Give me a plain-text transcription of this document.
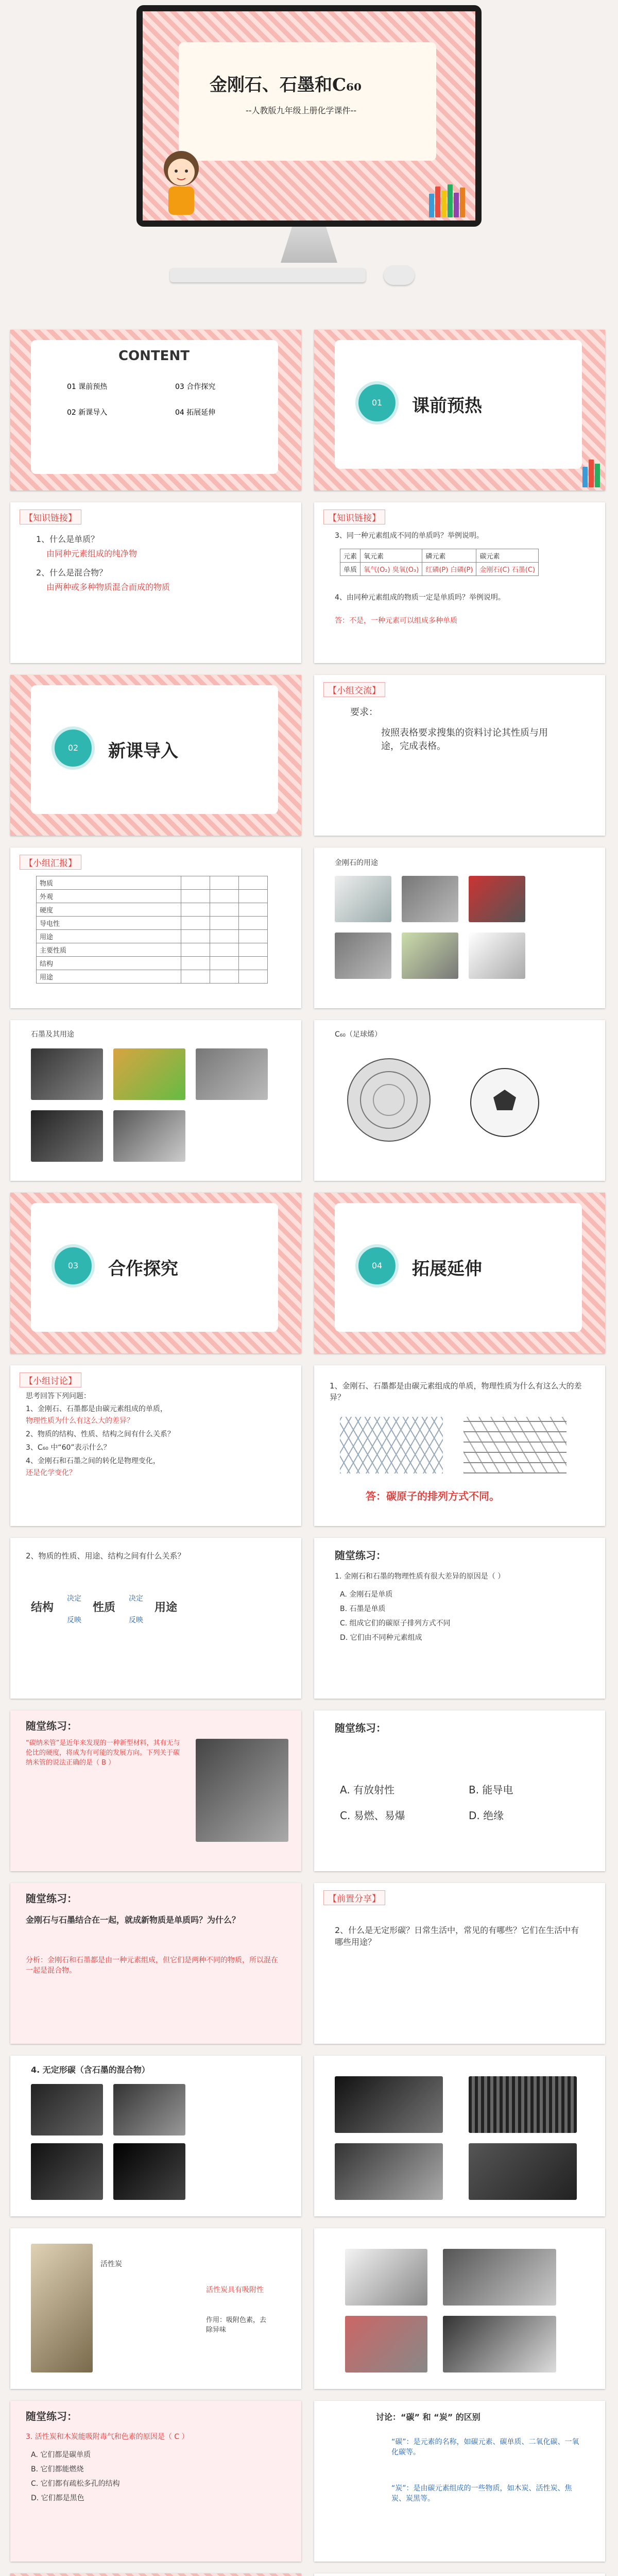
金刚石、石墨和C₆₀
--人教版九年级上册化学课件--
CONTENT
01 课前预热
02 新课导入
03 合作探究
04 拓展延伸
01	课前预热
【知识链接】
1、什么是单质？
由同种元素组成的纯净物
2、什么是混合物？
由两种或多种物质混合而成的物质
【知识链接】
3、同一种元素组成不同的单质吗？举例说明。
元素	氧元素	磷元素	碳元素
单质	氧气(O₂) 臭氧(O₃)	红磷(P) 白磷(P)	金刚石(C) 石墨(C)
4、由同种元素组成的物质一定是单质吗？举例说明。
答：不是，一种元素可以组成多种单质
02	新课导入
【小组交流】
要求：
按照表格要求搜集的资料讨论其性质与用途，完成表格。
【小组汇报】
物质			
外观			
硬度			
导电性			
用途			
主要性质			
结构			
用途			
金刚石的用途
石墨及其用途	C₆₀（足球烯）
03	合作探究	04	拓展延伸
【小组讨论】
思考回答下列问题：
1、金刚石、石墨都是由碳元素组成的单质，
物理性质为什么有这么大的差异？
2、物质的结构、性质、结构之间有什么关系？
3、C₆₀ 中“60”表示什么？
4、金刚石和石墨之间的转化是物理变化，
还是化学变化？
1、金刚石、石墨都是由碳元素组成的单质，物理性质为什么有这么大的差异？
答：碳原子的排列方式不同。
2、物质的性质、用途、结构之间有什么关系？
结构
决定
性质
决定
用途
反映	反映
随堂练习：
1. 金刚石和石墨的物理性质有很大差异的原因是（ ）
A. 金刚石是单质
B. 石墨是单质
C. 组成它们的碳原子排列方式不同
D. 它们由不同种元素组成
随堂练习：
“碳纳米管”是近年来发现的一种新型材料，其有无与伦比的硬度，将成为有可能的发展方向。下列关于碳纳米管的说法正确的是（ B ）
随堂练习：
A. 有放射性	B. 能导电
C. 易燃、易爆	D. 绝缘
随堂练习：
金刚石与石墨结合在一起，就成新物质是单质吗？为什么？
分析：金刚石和石墨都是由一种元素组成，但它们是两种不同的物质，所以混在一起是混合物。
【前置分享】
2、什么是无定形碳？日常生活中，常见的有哪些？它们在生活中有哪些用途？
4. 无定形碳（含石墨的混合物）
活性炭
活性炭具有吸附性
作用：吸附色素，去除异味
随堂练习：
3. 活性炭和木炭能吸附毒气和色素的原因是（ C ）
A. 它们都是碳单质
B. 它们都能燃烧
C. 它们都有疏松多孔的结构
D. 它们都是黑色
讨论：“碳” 和 “炭” 的区别
“碳”：是元素的名称，如碳元素、碳单质、二氧化碳、一氧化碳等。
“炭”：是由碳元素组成的一些物质，如木炭、活性炭、焦炭、炭黑等。
